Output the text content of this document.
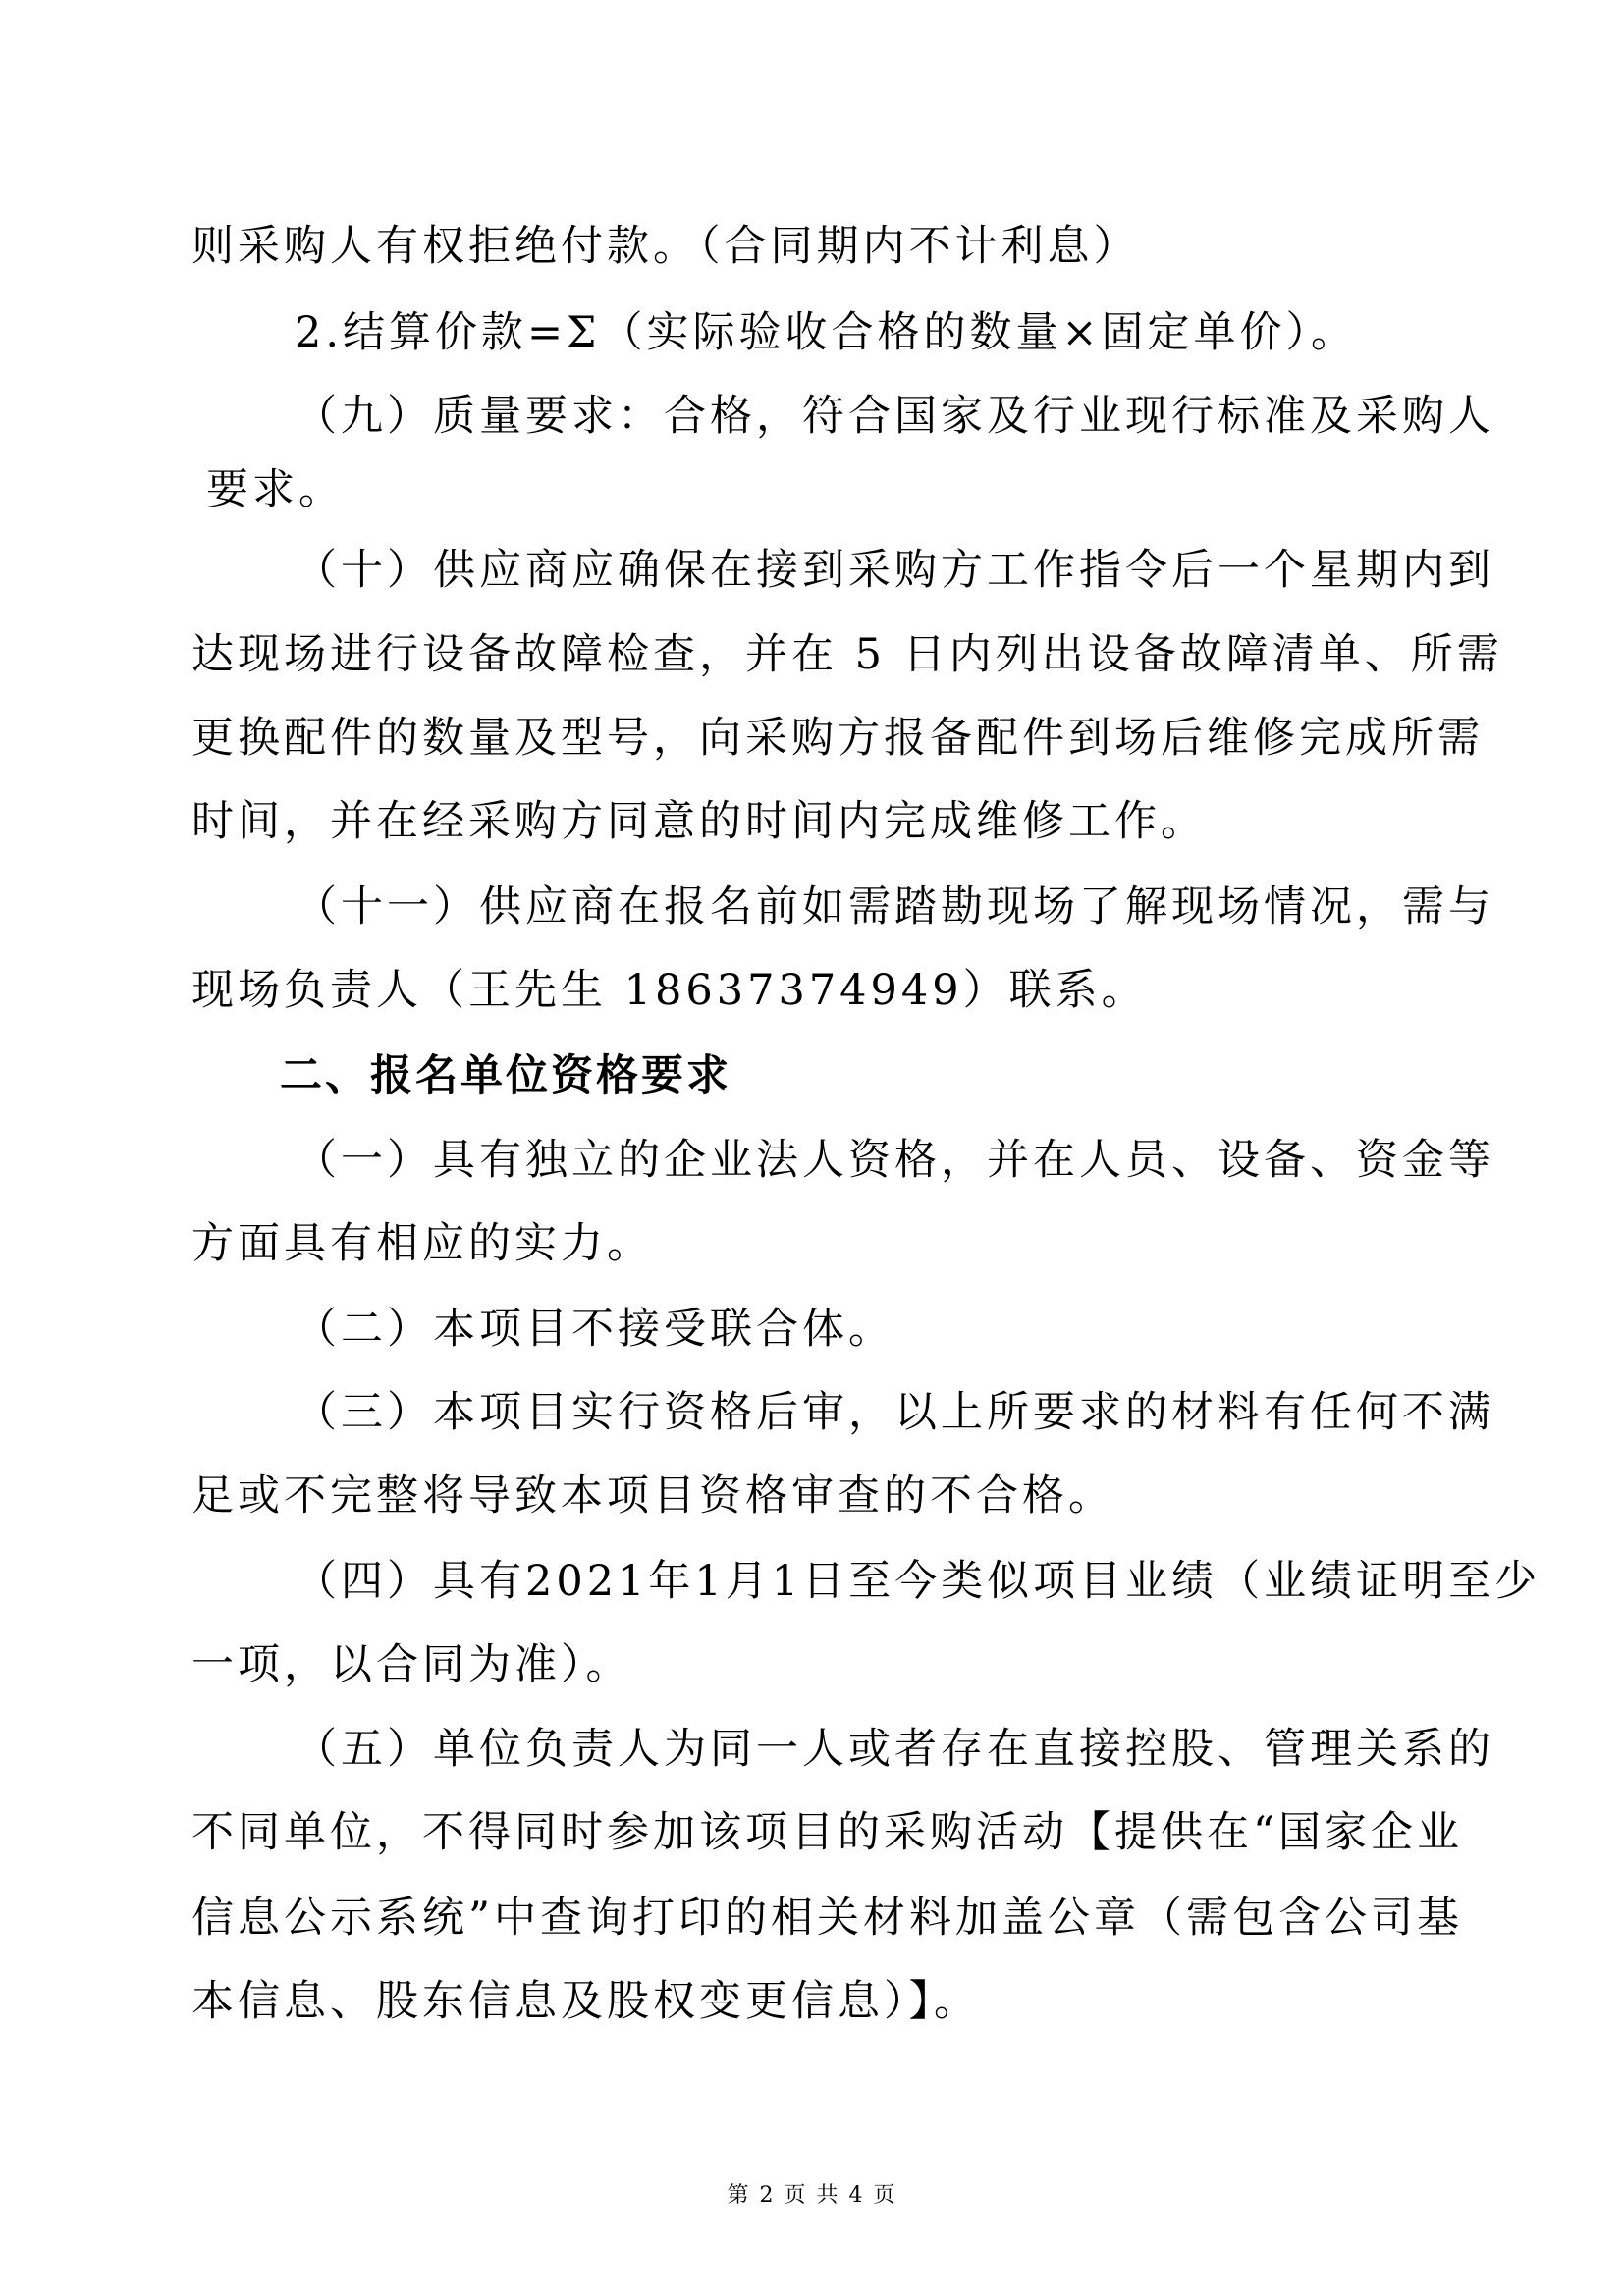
则采购人有权拒绝付款。（合同期内不计利息）
2.结算价款=Σ（实际验收合格的数量×固定单价）。
（九）质量要求：合格，符合国家及行业现行标准及采购人
要求。
（十）供应商应确保在接到采购方工作指令后一个星期内到
达现场进行设备故障检查，并在 5 日内列出设备故障清单、所需
更换配件的数量及型号，向采购方报备配件到场后维修完成所需
时间，并在经采购方同意的时间内完成维修工作。
（十一）供应商在报名前如需踏勘现场了解现场情况，需与
现场负责人（王先生 18637374949）联系。
二、报名单位资格要求
（一）具有独立的企业法人资格，并在人员、设备、资金等
方面具有相应的实力。
（二）本项目不接受联合体。
（三）本项目实行资格后审，以上所要求的材料有任何不满
足或不完整将导致本项目资格审查的不合格。
（四）具有2021年1月1日至今类似项目业绩（业绩证明至少
一项，以合同为准）。
（五）单位负责人为同一人或者存在直接控股、管理关系的
不同单位，不得同时参加该项目的采购活动【提供在“国家企业
信息公示系统”中查询打印的相关材料加盖公章（需包含公司基
本信息、股东信息及股权变更信息）】。
第 2 页 共 4 页
